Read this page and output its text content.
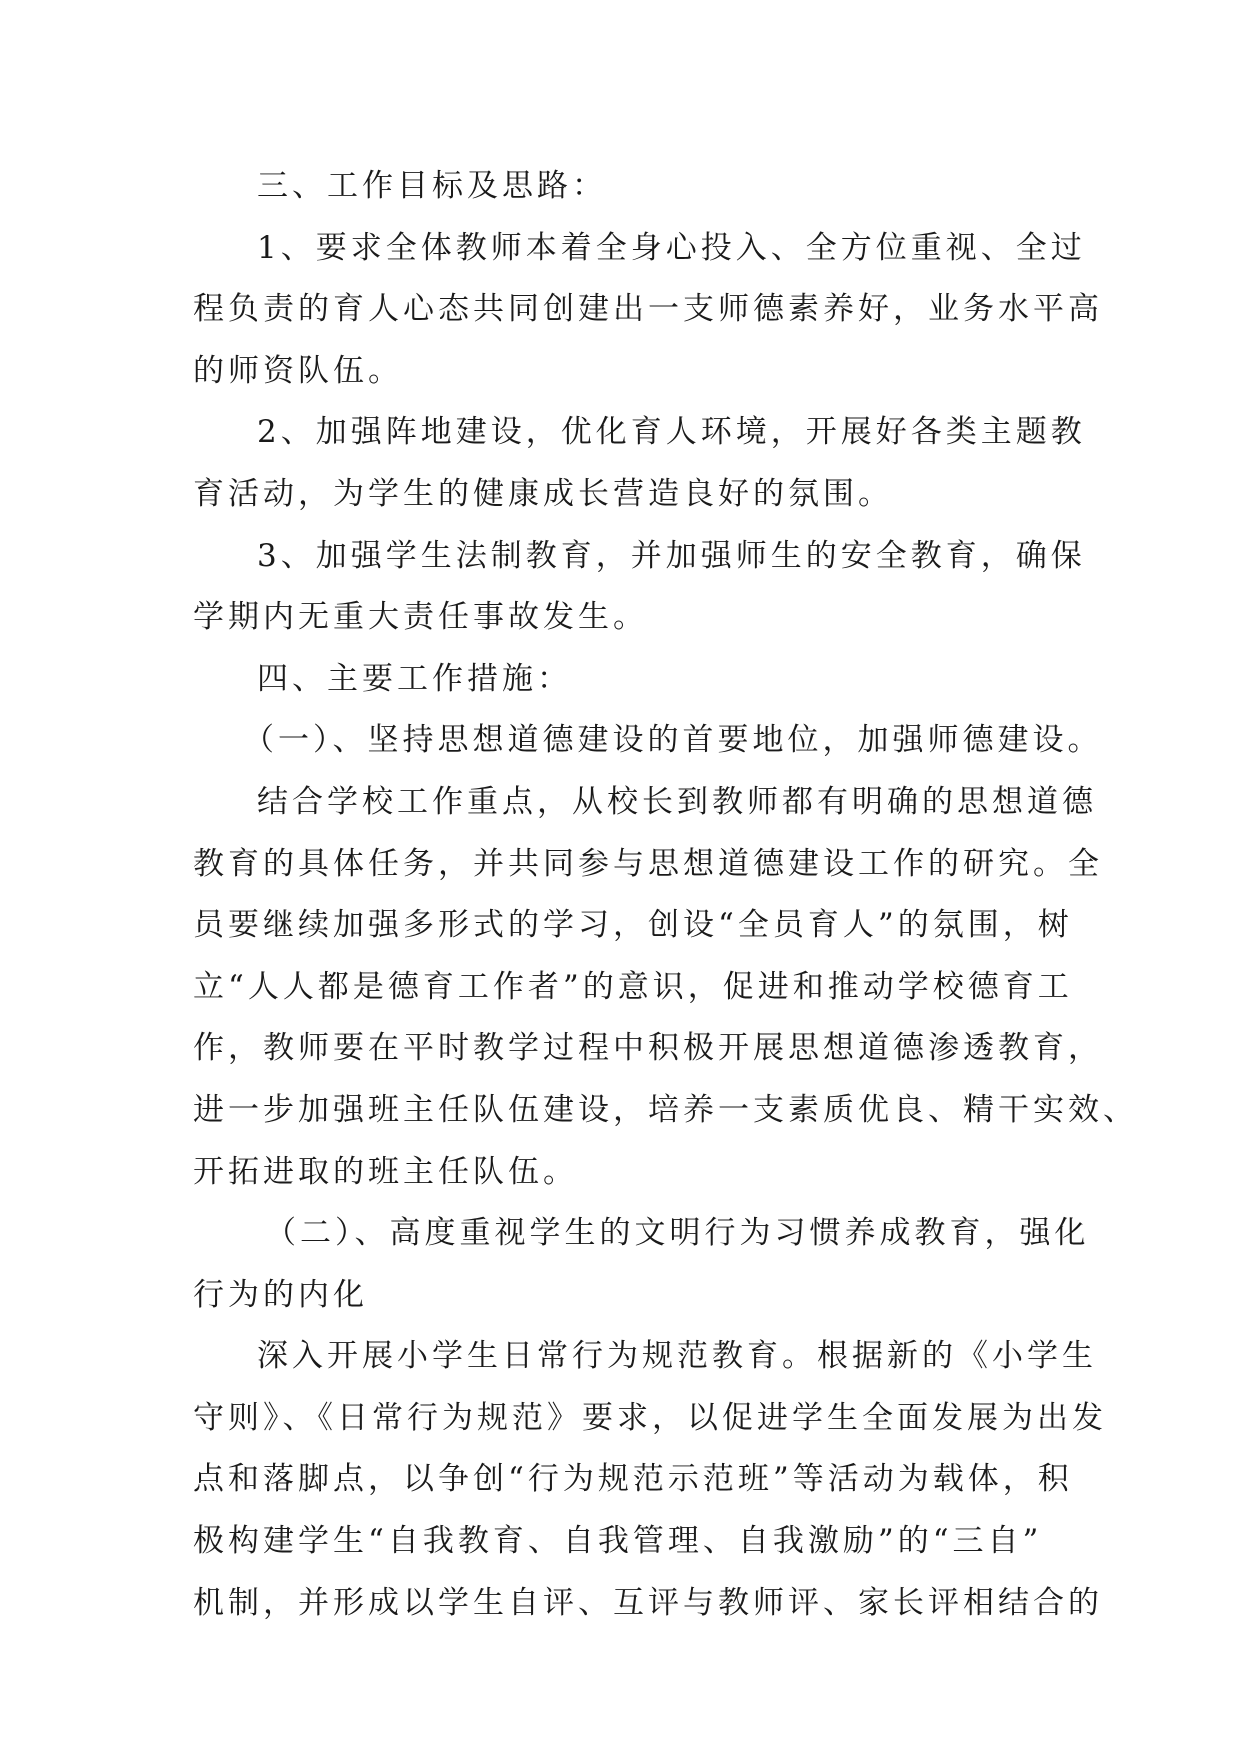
三、工作目标及思路：
1、要求全体教师本着全身心投入、全方位重视、全过
程负责的育人心态共同创建出一支师德素养好，业务水平高
的师资队伍。
2、加强阵地建设，优化育人环境，开展好各类主题教
育活动，为学生的健康成长营造良好的氛围。
3、加强学生法制教育，并加强师生的安全教育，确保
学期内无重大责任事故发生。
四、主要工作措施：
（一）、坚持思想道德建设的首要地位，加强师德建设。
结合学校工作重点，从校长到教师都有明确的思想道德
教育的具体任务，并共同参与思想道德建设工作的研究。全
员要继续加强多形式的学习，创设“全员育人”的氛围，树
立“人人都是德育工作者”的意识，促进和推动学校德育工
作，教师要在平时教学过程中积极开展思想道德渗透教育，
进一步加强班主任队伍建设，培养一支素质优良、精干实效、
开拓进取的班主任队伍。
（二）、高度重视学生的文明行为习惯养成教育，强化
行为的内化
深入开展小学生日常行为规范教育。根据新的《小学生
守则》、《日常行为规范》要求，以促进学生全面发展为出发
点和落脚点，以争创“行为规范示范班”等活动为载体，积
极构建学生“自我教育、自我管理、自我激励”的“三自”
机制，并形成以学生自评、互评与教师评、家长评相结合的
